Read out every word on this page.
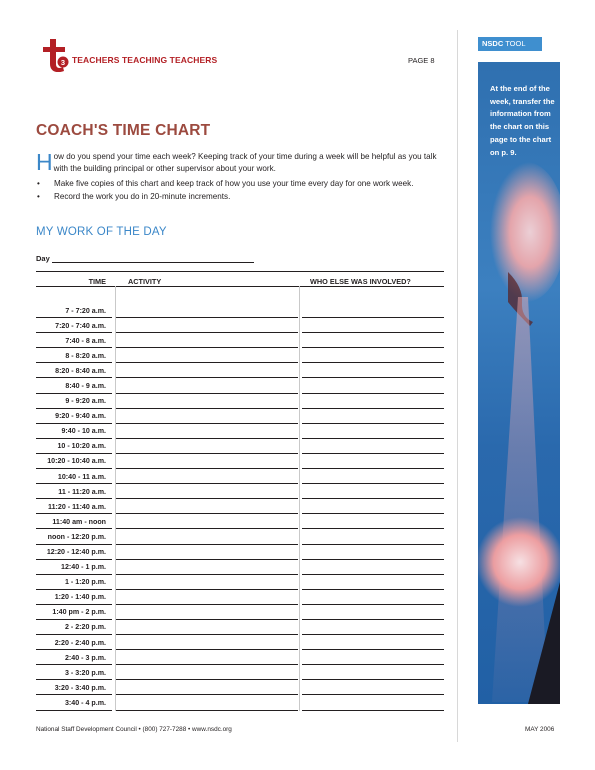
3 TEACHERS TEACHING TEACHERS	PAGE 8
NSDC TOOL
At the end of the week, transfer the information from the chart on this page to the chart on p. 9.
COACH'S TIME CHART
How do you spend your time each week? Keeping track of your time during a week will be helpful as you talk with the building principal or other supervisor about your work.
• Make five copies of this chart and keep track of how you use your time every day for one work week.
• Record the work you do in 20-minute increments.
MY WORK OF THE DAY
Day
TIME	ACTIVITY	WHO ELSE WAS INVOLVED?
7 - 7:20 a.m.
7:20 - 7:40 a.m.
7:40 - 8 a.m.
8 - 8:20 a.m.
8:20 - 8:40 a.m.
8:40 - 9 a.m.
9 - 9:20 a.m.
9:20 - 9:40 a.m.
9:40 - 10 a.m.
10 - 10:20 a.m.
10:20 - 10:40 a.m.
10:40 - 11 a.m.
11 - 11:20 a.m.
11:20 - 11:40 a.m.
11:40 am - noon
noon - 12:20 p.m.
12:20 - 12:40 p.m.
12:40 - 1 p.m.
1 - 1:20 p.m.
1:20 - 1:40 p.m.
1:40 pm - 2 p.m.
2 - 2:20 p.m.
2:20 - 2:40 p.m.
2:40 - 3 p.m.
3 - 3:20 p.m.
3:20 - 3:40 p.m.
3:40 - 4 p.m.
National Staff Development Council • (800) 727-7288 • www.nsdc.org	MAY 2006
